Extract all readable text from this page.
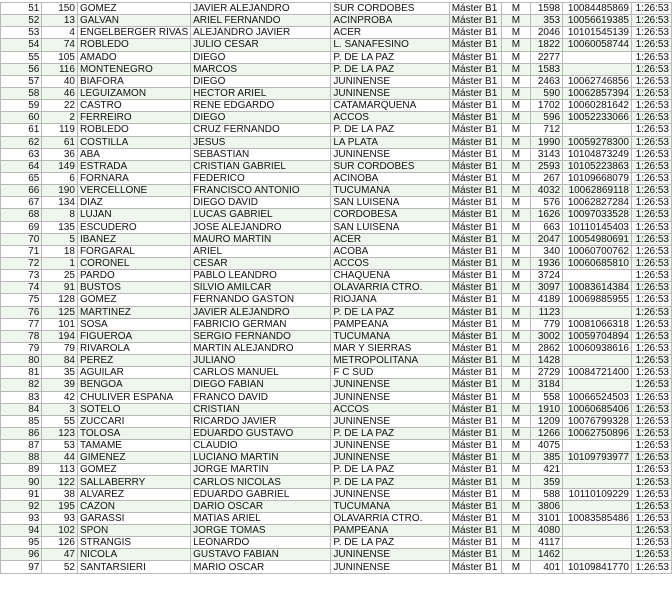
51	150	GOMEZ	JAVIER ALEJANDRO	SUR CORDOBES	Máster B1	M	1598	10084485869	1:26:53
52	13	GALVAN	ARIEL FERNANDO	ACINPROBA	Máster B1	M	353	10056619385	1:26:53
53	4	ENGELBERGER RIVAS	ALEJANDRO JAVIER	ACER	Máster B1	M	2046	10101545139	1:26:53
54	74	ROBLEDO	JULIO CESAR	L. SANAFESINO	Máster B1	M	1822	10060058744	1:26:53
55	105	AMADO	DIEGO	P. DE LA PAZ	Máster B1	M	2277		1:26:53
56	116	MONTENEGRO	MARCOS	P. DE LA PAZ	Máster B1	M	1583		1:26:53
57	40	BIAFORA	DIEGO	JUNINENSE	Máster B1	M	2463	10062746856	1:26:53
58	46	LEGUIZAMON	HECTOR ARIEL	JUNINENSE	Máster B1	M	590	10062857394	1:26:53
59	22	CASTRO	RENE EDGARDO	CATAMARQUEÑA	Máster B1	M	1702	10060281642	1:26:53
60	2	FERREIRO	DIEGO	ACCOS	Máster B1	M	596	10052233066	1:26:53
61	119	ROBLEDO	CRUZ FERNANDO	P. DE LA PAZ	Máster B1	M	712		1:26:53
62	61	COSTILLA	JESUS	LA PLATA	Máster B1	M	1990	10059278300	1:26:53
63	36	ABA	SEBASTIAN	JUNINENSE	Máster B1	M	3143	10104873249	1:26:53
64	149	ESTRADA	CRISTIAN GABRIEL	SUR CORDOBES	Máster B1	M	2593	10105223863	1:26:53
65	6	FORNARA	FEDERICO	ACINOBA	Máster B1	M	267	10109668079	1:26:53
66	190	VERCELLONE	FRANCISCO ANTONIO	TUCUMANA	Máster B1	M	4032	10062869118	1:26:53
67	134	DIAZ	DIEGO DAVID	SAN LUISEÑA	Máster B1	M	576	10062827284	1:26:53
68	8	LUJÁN	LUCAS GABRIEL	CORDOBESA	Máster B1	M	1626	10097033528	1:26:53
69	135	ESCUDERO	JOSE ALEJANDRO	SAN LUISEÑA	Máster B1	M	663	10110145403	1:26:53
70	5	IBAÑEZ	MAURO MARTIN	ACER	Máster B1	M	2047	10054980691	1:26:53
71	18	FORGARAL	ARIEL	ACOBA	Máster B1	M	340	10060700762	1:26:53
72	1	CORONEL	CESAR	ACCOS	Máster B1	M	1936	10060685810	1:26:53
73	25	PARDO	PABLO LEANDRO	CHAQUEÑA	Máster B1	M	3724		1:26:53
74	91	BUSTOS	SILVIO AMILCAR	OLAVARRIA CTRO.	Máster B1	M	3097	10083614384	1:26:53
75	128	GOMEZ	FERNANDO GASTON	RIOJANA	Máster B1	M	4189	10069885955	1:26:53
76	125	MARTINEZ	JAVIER ALEJANDRO	P. DE LA PAZ	Máster B1	M	1123		1:26:53
77	101	SOSA	FABRICIO GERMAN	PAMPEANA	Máster B1	M	779	10081066318	1:26:53
78	194	FIGUEROA	SERGIO FERNANDO	TUCUMANA	Máster B1	M	3002	10059704894	1:26:53
79	79	RIVAROLA	MARTIN ALEJANDRO	MAR Y SIERRAS	Máster B1	M	2862	10060938616	1:26:53
80	84	PEREZ	JULIANO	METROPOLITANA	Máster B1	M	1428		1:26:53
81	35	AGUILAR	CARLOS MANUEL	F C SUD	Máster B1	M	2729	10084721400	1:26:53
82	39	BENGOA	DIEGO FABIAN	JUNINENSE	Máster B1	M	3184		1:26:53
83	42	CHULIVER ESPAÑA	FRANCO DAVID	JUNINENSE	Máster B1	M	558	10066524503	1:26:53
84	3	SOTELO	CRISTIAN	ACCOS	Máster B1	M	1910	10060685406	1:26:53
85	55	ZUCCARI	RICARDO JAVIER	JUNINENSE	Máster B1	M	1209	10076799328	1:26:53
86	123	TOLOSA	EDUARDO GUSTAVO	P. DE LA PAZ	Máster B1	M	1266	10062750896	1:26:53
87	53	TAMAME	CLAUDIO	JUNINENSE	Máster B1	M	4075		1:26:53
88	44	GIMENEZ	LUCIANO MARTIN	JUNINENSE	Máster B1	M	385	10109793977	1:26:53
89	113	GOMEZ	JORGE MARTIN	P. DE LA PAZ	Máster B1	M	421		1:26:53
90	122	SALLABERRY	CARLOS NICOLAS	P. DE LA PAZ	Máster B1	M	359		1:26:53
91	38	ALVAREZ	EDUARDO GABRIEL	JUNINENSE	Máster B1	M	588	10110109229	1:26:53
92	195	CAZON	DARÍO ÓSCAR	TUCUMANA	Máster B1	M	3806		1:26:53
93	93	GARASSI	MATÍAS ARIEL	OLAVARRIA CTRO.	Máster B1	M	3101	10083585486	1:26:53
94	102	SPON	JORGE TOMÁS	PAMPEANA	Máster B1	M	4080		1:26:53
95	126	STRANGIS	LEONARDO	P. DE LA PAZ	Máster B1	M	4117		1:26:53
96	47	NICOLA	GUSTAVO FABIAN	JUNINENSE	Máster B1	M	1462		1:26:53
97	52	SANTARSIERI	MARIO OSCAR	JUNINENSE	Máster B1	M	401	10109841770	1:26:53
